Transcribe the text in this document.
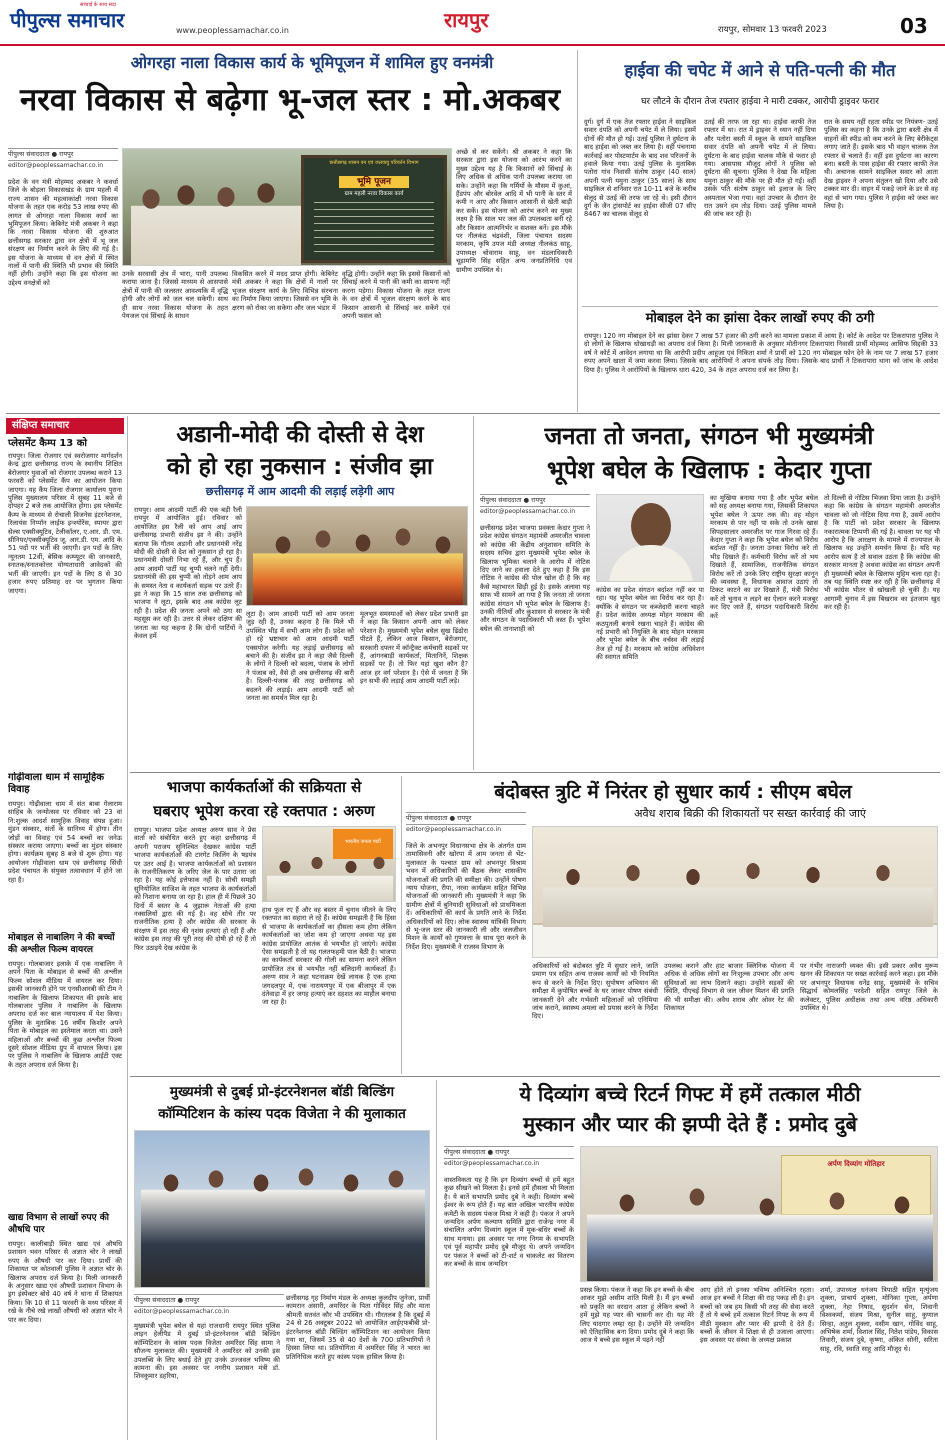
पीपुल्स समाचार
सच्चाई के साथ सदा
www.peoplessamachar.co.in	रायपुर	रायपुर, सोमवार 13 फरवरी 2023	03
ओगरहा नाला विकास कार्य के भूमिपूजन में शामिल हुए वनमंत्री
नरवा विकास से बढ़ेगा भू-जल स्तर : मो.अकबर
पीपुल्स संवाददाता ● रायपुर
editor@peoplessamachar.co.in
प्रदेश के वन मंत्री मोहम्मद अकबर ने कवर्धा जिले के बोड़ला विकासखंड के ग्राम महली में राज्य शासन की महत्वाकांक्षी नरवा विकास योजना के तहत एक करोड़ 53 लाख रुपए की लागत से ओगरहा नाला विकास कार्य का भूमिपूजन किया। केबिनेट मंत्री अकबर ने कहा कि नरवा विकास योजना की शुरुआत छत्तीसगढ़ सरकार द्वारा वन क्षेत्रों में भू जल संरक्षण का निर्माण करने के लिए की गई है। इस योजना के माध्यम से वन क्षेत्रों में स्थित नालों में पानी की स्थिति भी प्रभाव की स्थिति नहीं होगी। उन्होंने कहा कि इस योजना का उद्देश्य वनक्षेत्रों को
छत्तीसगढ़ शासन वन एवं जलवायु परिवर्तन विभाग
भूमि पूजन
ग्राम महली नरवा विकास कार्य
उनके सरवासी क्षेत्र में भारा, पानी उपलब्ध कराया जाना है। जिससे माध्यम से आसपासे क्षेत्रों में पानी की जलस्तर आवश्यकि में वृद्धि होगी और लोगों को जल चल सकेगी। साथ ही साथ नरवा विकास योजना के तहत पेयजल एवं सिंचाई के साधन
विकसित करने में मदद प्राप्त होगी। केबिनेट मंत्री अकबर ने कहा कि क्षेत्रों में नालों पर भूजल संरक्षण कार्य के लिए विभिन्न संरचना का निर्माण किया जाएगा। जिससे वन भूमि के क्षरण को रोका जा सकेगा और जल भंडार में
वृद्धि होगी। उन्होंने कहा कि इससे किसानों को सिंचाई करने में पानी की कमी का सामना नहीं करना पड़ेगा। विकास योजना के तहत राज्य के वन क्षेत्रों में भूजल संरक्षण करने के बाद किसान आसानी से सिंचाई कर सकेंगे एवं अपनी फसल को
अच्छे से कर सकेंगे। श्री अकबर ने कहा कि सरकार द्वारा इस योजना को आरंभ करने का मुख्य उद्देश्य यह है कि किसानों को सिंचाई के लिए अधिक से अधिक पानी उपलब्ध कराया जा सके। उन्होंने कहा कि गर्मियों के मौसम में कुआं, हैंडपंप और बोरवेल आदि में भी पानी के स्तर में कमी न आए और किसान आसानी से खेती बाड़ी कर सकें। इस योजना को आरंभ करने का मुख्य लक्ष्य है कि साल भर जल की उपलब्धता बनी रहे और किसान आत्मनिर्भर व सशक्त बनें। इस मौके पर नीलकंठ चंद्रवंशी, जिला पंचायत सदस्य मरकाम, कृषि उपज मंडी अध्यक्ष नीलकंठ साहू, उपाध्यक्ष चोवाराम साहू, वन मंडलाधिकारी चूड़ामणि सिंह सहित अन्य जनप्रतिनिधि एवं ग्रामीण उपस्थित थे।
हाईवा की चपेट में आने से पति-पत्नी की मौत
घर लौटने के दौरान तेज रफ्तार हाईवा ने मारी टक्कर, आरोपी ड्राइवर फरार
दुर्ग। दुर्ग में एक तेज रफ्तार हाईवा ने साइकिल सवार दंपति को अपनी चपेट में ले लिया। इसमें दोनों की मौत हो गई। उतई पुलिस ने दुर्घटना के बाद हाईवा को जब्त कर लिया है। वहीं पंचनामा कार्रवाई कर पोस्टमार्टम के बाद शव परिजनों के हवाले किया गया। उतई पुलिस के मुताबिक पतोरा गांव निवासी संतोष ठाकुर (40 साल) अपनी पत्नी यमुना ठाकुर (35 साल) के साथ साइकिल से शनिवार रात 10-11 बजे के करीब सेलूद से उतई की तरफ जा रहे थे। इसी दौरान दुर्ग के जैन ट्रांसपोर्ट का हाईवा सीजी 07 सीए 8467 का चालक सेलूद से
उतई की तरफ जा रहा था। हाईवा काफी तेज रफ्तार में था। रात में ड्राइवर ने ध्यान नहीं दिया और पतोरा बस्ती में स्कूल के सामने साइकिल सवार दंपति को अपनी चपेट में ले लिया। दुर्घटना के बाद हाईवा चालक मौके से फरार हो गया। आसपास मौजूद लोगों ने पुलिस को दुर्घटना की सूचना। पुलिस ने देखा कि महिला यमुना ठाकुर की मौके पर ही मौत हो गई। वहीं उसके पति संतोष ठाकुर को इलाज के लिए अस्पताल भेजा गया। वहां उपचार के दौरान देर रात उसने दम तोड़ दिया। उतई पुलिस मामले की जांच कर रही है।
रात के समय नहीं रहता स्पीड पर नियंत्रण- उतई पुलिस का कहना है कि उनके द्वारा बस्ती क्षेत्र में वाहनों की स्पीड को कम करने के लिए बेरीकेट्स लगाए जाते हैं। इसके बाद भी वाहन चालक तेज रफ्तार से चलाते हैं। वहीं इस दुर्घटना का कारण बना। बस्ती के पास हाईवा की रफ्तार काफी तेज थी। अचानक सामने साइकिल सवार को आता देख ड्राइवर ने अपना संतुलन खो दिया और उसे टक्कर मार दी। वाहन में पकड़े जाने के डर से वह वहां से भाग गया। पुलिस ने हाईवा को जब्त कर लिया है।
मोबाइल देने का झांसा देकर लाखों रुपए की ठगी
रायपुर। 120 नग मोबाइल देने का झांसा देकर 7 लाख 57 हजार की ठगी करने का मामला प्रकाश में आया है। कोर्ट के आदेश पर टिकरापारा पुलिस ने दो लोगों के खिलाफ धोखाधड़ी का अपराध दर्ज किया है। मिली जानकारी के अनुसार मोतीनगर टिकरापारा निवासी प्रार्थी मोहम्मद आसिफ सिद्दकी 33 वर्ष ने कोर्ट में आवेदन लगाया था कि आरोपी प्रदीप आहूजा एवं निकिता शर्मा ने प्रार्थी को 120 नग मोबाइल फोन देने के नाम पर 7 लाख 57 हजार रुपए अपने खाता में जमा करवा लिया। जिसके बाद आरोपियों ने अपना संपर्क तोड़ दिया। जिसके बाद प्रार्थी ने टिकरापारा थाना को जांच के आदेश दिया है। पुलिस ने आरोपियों के खिलाफ धारा 420, 34 के तहत अपराध दर्ज कर लिया है।
संक्षिप्त समाचार
प्लेसमेंट कैम्प 13 को
रायपुर। जिला रोजगार एवं स्वरोजगार मार्गदर्शन केन्द्र द्वारा छत्तीसगढ़ राज्य के स्थानीय शिक्षित बेरोजगार युवाओं को रोजगार उपलब्ध कराने 13 फरवरी को प्लेसमेंट कैंप का आयोजन किया जाएगा। यह कैंप जिला रोजगार कार्यालय पुराना पुलिस मुख्यालय परिसर में सुबह 11 बजे से दोपहर 2 बजे तक आयोजित होगा। इस प्लेसमेंट कैम्प के माध्यम से रोचाली विजनेस इंटरनेशनल, रिलायंस निप्पॉन लाईफ इन्श्योरेंस, स्पायर द्वारा सेल्स एक्सीक्यूटिव, टेलीकॉलर, ए.आर. डी. एम. सीनियर/एक्सीक्यूटिव जू. आर.डी. एम. आदि के 51 पदों पर भर्ती की जाएगी। इन पदों के लिए न्यूनतम 12वीं, बेसिक कम्प्यूटर की जानकारी, स्नातक/स्नातकोत्तर योग्यताधारी आवेदकों की भर्ती की जाएगी। इन पदों के लिए 8 से 30 हजार रुपए प्रतिमाह दर पर भुगतान किया जाएगा।
गोढ़ीवाला धाम में सामूहिक विवाह
रायपुर। गोढ़ीवाला धाम में संत बाबा गेलाराम साहिब के जन्मोत्सव पर रविवार को 23 वां नि:शुल्क आदर्श सामूहिक विवाह संपन्न हुआ। मुंडन संस्कार, संतों के सानिध्य में होगा। तीन जोड़ों का विवाह एवं 54 बच्चों का जनेऊ संस्कार कराया जाएगा। बच्चों का मुंडन संस्कार होगा। कार्यक्रम सुबह 8 बजे से शुरू होगा। यह आयोजन गोढ़ीवाला धाम एवं छत्तीसगढ़ सिंधी प्रदेश पंचायत के संयुक्त तत्वावधान में होने जा रहा है।
मोबाइल से नाबालिग ने की बच्चों की अश्लील फिल्म वायरल
रायपुर। गोलबाजार इलाके में एक नाबालिग ने अपने पिता के मोबाइल से बच्चों की अश्लील फिल्म सोशल मीडिया में वायरल कर दिया। इसकी जानकारी होने पर एनसीआरबी की टीम ने नाबालिग के खिलाफ शिकायत की इसके बाद गोलबाजार पुलिस ने नाबालिग के खिलाफ अपराध दर्ज कर बाल न्यायालय में पेश किया। पुलिस के मुताबिक 16 वर्षीय किशोर अपने पिता के मोबाइल का इस्तेमाल करता था। उसने महिलाओं और बच्चों की कुछ अश्लील फिल्म दूसरे सोशल मीडिया ग्रुप में वायरल किया। इस पर पुलिस ने नाबालिग के खिलाफ आईटी एक्ट के तहत अपराध दर्ज किया है।
खाद्य विभाग से लाखों रुपए की औषधि पार
रायपुर। कालीबाड़ी स्थित खाद्य एवं औषधि प्रशासन भवन परिसर से अज्ञात चोर ने लाखों रुपए के औषधी पार कर दिया। प्रार्थी की शिकायत पर कोतवाली पुलिस ने अज्ञात चोर के खिलाफ अपराध दर्ज किया है। मिली जानकारी के अनुसार खाद्य एवं औषधी प्रशासन विभाग के ड्रग इंस्पेक्टर बोधे 40 वर्ष ने थाना में शिकायत किया। कि 10 से 11 फरवरी के मध्य परिसर में रखे के नीचे रखे लाखों औषधी को अज्ञात चोर ने पार कर दिया।
अडानी-मोदी की दोस्ती से देश
को हो रहा नुकसान : संजीव झा
छत्तीसगढ़ में आम आदमी की लड़ाई लड़ेगी आप
रायपुर। आम आदमी पार्टी की एक बड़ी रैली रायपुर में आयोजित हुई। रविवार को आयोजित इस रैली को आप आई आप छत्तीसगढ़ प्रभारी संजीव झा ने की। उन्होंने बताया कि गौतम अडानी और प्रधानमंत्री नरेंद्र मोदी की दोस्ती से देश को नुकसान हो रहा है। प्रधानमंत्री दोस्ती निभा रहे हैं, और चुप हैं। आम आदमी पार्टी यह चुप्पी चलने नहीं देगी। प्रधानमंत्री की इस चुप्पी को तोड़ने आम आप के समस्त नेता व कार्यकर्ता सड़क पर उतरे हैं। झा ने कहा कि 15 साल तक छत्तीसगढ़ को भाजपा ने लूटा, इसके बाद अब कांग्रेस लूट रही है। प्रदेश की जनता अपने को ठगा सा महसूस कर रही है। उत्तर से लेकर दक्षिण की जनता का यह कहना है कि दोनों पार्टियों ने केवल हमें
लूटा है। आम आदमी पार्टी को आम जनता जुड़ रही है, उनका कहना है कि मिले भी उपस्थित भीड़ में सभी आम लोग हैं। प्रदेश को हो रहे भ्रष्टाचार को आम आदमी पार्टी एक्सपोज करेगी। यह लड़ाई छत्तीसगढ़ को बचाने की है। संजीव झा ने कहा जैसे दिल्ली के लोगों ने दिल्ली को बदला, पंजाब के लोगों ने पंजाब को, वैसे ही अब छत्तीसगढ़ की बारी है। दिल्ली-पंजाब की तरह छत्तीसगढ़ को बदलने की लड़ाई। आम आदमी पार्टी को जनता का समर्थन मिल रहा है।
मूलभूत समस्याओं को लेकर प्रदेश प्रभारी झा ने कहा कि किसान अपनी आय को लेकर परेशान है। मुख्यमंत्री भूपेश बघेल सुख ढिंढोरा पीटते हैं, लेकिन आज किसान, बेरोजगार, सरकारी दफ्तर में कॉन्ट्रैक्ट कर्मचारी सड़कों पर हैं, आंगनबाड़ी कार्यकर्ता, मितानिनें, शिक्षक सड़कों पर हैं। तो फिर यहां खुश कौन है? आज हर वर्ग परेशान है। ऐसे में जनता है कि इन सभी की लड़ाई आम आदमी पार्टी लड़े।
जनता तो जनता, संगठन भी मुख्यमंत्री
भूपेश बघेल के खिलाफ : केदार गुप्ता
पीपुल्स संवाददाता ● रायपुर
editor@peoplessamachar.co.in
छत्तीसगढ़ प्रदेश भाजपा प्रवक्ता केदार गुप्ता ने प्रदेश कांग्रेस संगठन महामंत्री अमरजीत चावला को कांग्रेस की केंद्रीय अनुशासन समिति के सदस्य सचिव द्वारा मुख्यमंत्री भूपेश बघेल के खिलाफ भूमिका चलाने के आरोप में नोटिस दिए जाने का हवाला देते हुए कहा है कि इस नोटिस ने कांग्रेस की पोल खोल दी है कि वह कैसे महाभारत छिड़ी हुई है। इसके अलावा यह साफ भी सामने आ गया है कि जनता तो जनता कांग्रेस संगठन भी भूपेश बघेल के खिलाफ है। उनकी नीतियों और कुशासन से सरकार के मंत्री और संगठन के पदाधिकारी भी त्रस्त हैं। भूपेश बघेल की तानाशाही को
कांग्रेस का प्रदेश संगठन बर्दाश्त नहीं कर पा रहा। यह भूपेश बघेल का विरोध कर रहा है। क्योंकि वे संगठन पर कब्जेदारी करना चाहते हैं। प्रदेश कांग्रेस अध्यक्ष मोहन मरकाम की कठपुतली बनाये रखना चाहते हैं। कांग्रेस की नई प्रभारी को नियुक्ति के बाद मोहन मरकाम और भूपेश बघेल के बीच वर्चस्व की लड़ाई तेज हो गई है। मरकाम को कांग्रेस अधिवेशन की स्वागत समिति
का मुखिया बनाया गया है और भूपेश बघेल को सह अध्यक्ष बनाया गया, जिसकी शिकायत भूपेश बघेल ने ऊपर तक की। वह मोहन मरकाम से पार नहीं पा सके तो उनके खास सिपहसालार अमरजीत पर गाज गिरवा रहे हैं। केदार गुप्ता ने कहा कि भूपेश बघेल को विरोध बर्दाश्त नहीं है। जनता उनका विरोध करे तो भीड़ दिखाते हैं। कर्मचारी विरोध करें तो भय दिखाते हैं, सामाजिक, राजनीतिक संगठन विरोध करें तो उनके लिए राष्ट्रीय सुरक्षा कानून की व्यवस्था है, विधायक आवाज उठाएं तो टिकट काटने का डर दिखाते हैं, मंत्री विरोध करें तो चुनाव न लड़ने का ऐलान करने मजबूर कर दिए जाते हैं, संगठन पदाधिकारी विरोध करें
तो दिल्ली से नोटिस भिजवा दिया जाता है। उन्होंने कहा कि कांग्रेस के संगठन महामंत्री अमरजीत चावला को जो नोटिस दिया गया है, उसमें आरोप है कि पार्टी को प्रदेश सरकार के खिलाफ नकारात्मक टिप्पणी की गई है। चावला पर यह भी आरोप है कि आरक्षण के मामले में राज्यपाल के खिलाफ वह उन्होंने समर्थन किया है। यदि यह आरोप सत्य है तो सवाल उठता है कि कांग्रेस की सरकार मानता है अथवा कांग्रेस का संगठन अपनी ही मुख्यमंत्री बघेल के खिलाफ मुहिम चला रहा है। तब यह स्थिति स्पष्ट कर रही है कि छत्तीसगढ़ में भी कांग्रेस भीतर से खोखली हो चुकी है। यह आगामी चुनाव में इस बिखराव का इंतजाम खुद कर रही है।
भाजपा कार्यकर्ताओं की सक्रियता से
घबराए भूपेश करवा रहे रक्तपात : अरुण
रायपुर। भाजपा प्रदेश अध्यक्ष अरुण साव ने प्रेस वार्ता को संबोधित करते हुए कहा छत्तीसगढ़ में अपनी पराजय सुनिश्चित देखकर कांग्रेस पार्टी भाजपा कार्यकर्ताओं की टारगेट किलिंग के षड़यंत्र पर उतर आई है। भाजपा कार्यकर्ताओं को प्रशासन के राजनीतिकरण के जरिए जेल के पार उतारा जा रहा है। यह कोई इत्तेफाक नहीं है। सोची समझी सुनियोजित साजिश के तहत भाजपा के कार्यकर्ताओं को निशाना बनाया जा रहा है। हाल ही में पिछले 30 दिनों में बस्तर के 4 जुझारू नेताओं की हत्या नक्सलियों द्वारा की गई है। वह सोचे तीर पर राजनीतिक हत्या है और कांग्रेस की सरकार के संरक्षण में इस तरह की नृशंस हत्याएं हो रही हैं और कांग्रेस इस तरह की पूरी तरह की दोषी हो रहे हैं तो फिर उठाइये देख कांग्रेस के
भारतीय जनता पार्टी
हाथ फूल रए हैं और वह बस्तर में चुनाव जीतने के लिए रक्तपात का सहारा ले रहे हैं। कांग्रेस समझती है कि हिंसा से भाजपा के कार्यकर्ताओं का हौसला कम होगा लेकिन कार्यकर्ताओं का जोश कम हो जाएगा अथवा यह इस कांग्रेस प्रायोजित आतंक से भयभीत हो जाएंगे। कांग्रेस ऐसा समझती है तो यह गलतफहमी पाल बैठी है। भाजपा का कार्यकर्ता सरकार की गोली का सामना करने लेकिन प्रायोजित तंत्र से भयभीत नहीं बलिदानी कार्यकर्ता हैं। अरुण साव ने कहा घटनाक्रम देखें लायक है एक हत्या जगदलपुर में, एक नारायणपुर में एक बीजापुर में एक दंतेवाड़ा में हर जगह हत्याएं कर दहशत का माहौल बनाया जा रहा है।
बंदोबस्त त्रुटि में निरंतर हो सुधार कार्य : सीएम बघेल
अवैध शराब बिक्री की शिकायतों पर सख्त कार्रवाई की जाएं
पीपुल्स संवाददाता ● रायपुर
editor@peoplessamachar.co.in
जिले के अभनपुर विधानसभा क्षेत्र के अंतर्गत ग्राम तामासिवनी और खोरपा में आम जनता से भेंट-मुलाकात के पश्चात ग्राम को अभनपुर विश्राम भवन में अधिकारियों की बैठक लेकर शासकीय योजनाओं की प्रगति की समीक्षा की। उन्होंने पोषण न्याय योजना, रीपा, नरवा कार्यक्रम सहित विभिन्न योजनाओं की जानकारी ली। मुख्यमंत्री ने कहा कि ग्रामीण क्षेत्रों में बुनियादी सुविधाओं को प्राथमिकता दें। अधिकारियों की कार्य के प्रगति लाने के निर्देश अधिकारियों को दिए। लोक स्वास्थ्य यांत्रिकी विभाग से भू-जल स्तर की जानकारी ली और जलजीवन मिशन के कार्यों को गुणवत्ता के साथ पूरा करने के निर्देश दिए। मुख्यमंत्री ने राजस्व विभाग के
अधिकारियों को बंदोबस्त त्रुटि में सुधार लाने, जाति प्रमाण पत्र सहित अन्य राजस्व कार्यों को भी नियमित रूप से करने के निर्देश दिए। सुपोषण अभियान की समीक्षा में कुपोषित बच्चों के घर जाकर पोषण संबंधी जानकारी देने और गर्भवती महिलाओं को एनिमिया जांच कराने, स्वास्थ्य अमला को प्रयास करने के निर्देश दिए।
उपलब्ध कराने और हाट बाजार क्लिनिक योजना में अधिक से अधिक लोगों का निःशुल्क उपचार और अन्य सुविधाओं का लाभ दिलाने कहा। उन्होंने सड़कों की स्थिति, पीएचई विभाग से जल जीवन मिशन की प्रगति की भी समीक्षा की। अवैध शराब और ओवर रेट की शिकायत
पर गंभीर नाराजगी व्यक्त की। इसी प्रकार अवैध मुरूम खनन की शिकायत पर सख्त कार्रवाई करने कहा। इस मौके पर अभनपुर विधायक धनेंद्र साहू, मुख्यमंत्री के सचिव सिद्धार्थ कोमलसिंह परदेशी सहित रायपुर जिले के कलेक्टर, पुलिस अधीक्षक तथा अन्य वरिष्ठ अधिकारी उपस्थित थे।
मुख्यमंत्री से दुबई प्रो-इंटरनेशनल बॉडी बिल्डिंग
कॉम्पिटिशन के कांस्य पदक विजेता ने की मुलाकात
पीपुल्स संवाददाता ● रायपुर
editor@peoplessamachar.co.in
मुख्यमंत्री भूपेश बघेल से यहां राजधानी रायपुर स्थित पुलिस लाइन हेलीपैड में दुबई प्रो-इंटरनेशनल बॉडी बिल्डिंग कॉम्पिटिशन के कांस्य पदक विजेता अमरिंदर सिंह सामा ने सौजन्य मुलाकात की। मुख्यमंत्री ने अमरिंदर को उनकी इस उपलब्धि के लिए बधाई देते हुए उनके उज्जवल भविष्य की कामना की। इस अवसर पर नगरीय प्रशासन मंत्री डॉ. शिवकुमार डहरिया,
छत्तीसगढ़ गृह निर्माण मंडल के अध्यक्ष कुलदीप जुनेजा, प्रार्थी कामरान अंसारी, अमरिंदर के पिता गोविंदर सिंह और माता श्रीमती सतवंत कौर भी उपस्थित थी। गौरतलब है कि दुबई में 24 से 26 अक्टूबर 2022 को आयोजित आईएफबीबी प्रो-इंटरनेशनल बॉडी बिल्डिंग कॉम्पिटिशन का आयोजन किया गया था, जिसमें 35 से 40 देशों के 700 प्रतिभागियों ने हिस्सा लिया था। प्रतियोगिता में अमरिंदर सिंह ने भारत का प्रतिनिधित्व करते हुए कांस्य पदक हासिल किया है।
ये दिव्यांग बच्चे रिटर्न गिफ्ट में हमें तत्काल मीठी
मुस्कान और प्यार की झप्पी देते हैं : प्रमोद दुबे
पीपुल्स संवाददाता ● रायपुर
editor@peoplessamachar.co.in
वास्तविकता यह है कि इन दिव्यांग बच्चों से हमें बहुत कुछ सीखने को मिलता है। इनसे हमें हौसला भी मिलता है। ये बातें सभापति प्रमोद दुबे ने कही। दिव्यांग बच्चे ईश्वर के रूप होते हैं। यह बात अखिल भारतीय कांग्रेस कमेटी के सदस्य पंकज मिश्रा ने कही है। पंकज ने अपने जन्मदिन अर्पण कल्याण समिति द्वारा राजेन्द्र नगर में संचालित अर्पण दिव्यांग स्कूल में मूक-बधिर बच्चों के साथ मनाया। इस अवसर पर नगर निगम के सभापति एवं पूर्व महापौर प्रमोद दुबे मौजूद थे। अपने जन्मदिन पर पंकज ने बच्चों को टी-शर्ट व चाकलेट का वितरण कर बच्चों के साथ जन्मदिन
अर्पण दिव्यांग मोतिहार
प्रसन्न किया। पंकज ने कहा कि इन बच्चों के बीच आकर मुझे असीम शांति मिली है। मैं इन बच्चों को प्रकृति का वरदान आता हूं लेकिन बच्चों ने हमें मुझे यह प्यार की चासनी कर दी। यह मेरे लिए यादगार लम्हा रहा है। उन्होंने मेरे जन्मदिन को ऐतिहासिक बना दिया। प्रमोद दुबे ने कहा कि आज ये बच्चे इस स्कूल में पढ़ने नहीं
आए होते तो इनका भविष्य अनिश्चित रहता। आज इन बच्चों ने शिक्षा की राह पकड़ ली है। इन बच्चों को जब हम किसी भी तरह की सेवा करते हैं तो ये बच्चे हमें तत्काल रिटर्न गिफ्ट के रूप में मीठी मुस्कान और प्यार की झप्पी दे देते हैं। बच्चों के जीवन में शिक्षा से ही उजाला आएगा। इस अवसर पर संस्था के अध्यक्ष प्रकाश
शर्मा, उपाध्यक्ष धनंजय त्रिपाठी सहित मृत्युंजय शुक्ला, प्राचार्य शुक्ला, मोनिका गुप्ता, अर्पणा शुक्ला, नेहा निषाद, सुदर्शन सेन, शिवानी विश्वकर्मा, संजय मिश्रा, सुनील साहू, कुणाल सिन्हा, अतुल शुक्ला, वसीम खान, गोविंद साहू, अभिषेक शर्मा, विशाल सिंह, नितेश पांडेय, विकास तिवारी, संजय दुबे, कृष्णा, अंकित सोनी, सरिता साहू, रवि, स्वाति साहू आदि मौजूद थे।
